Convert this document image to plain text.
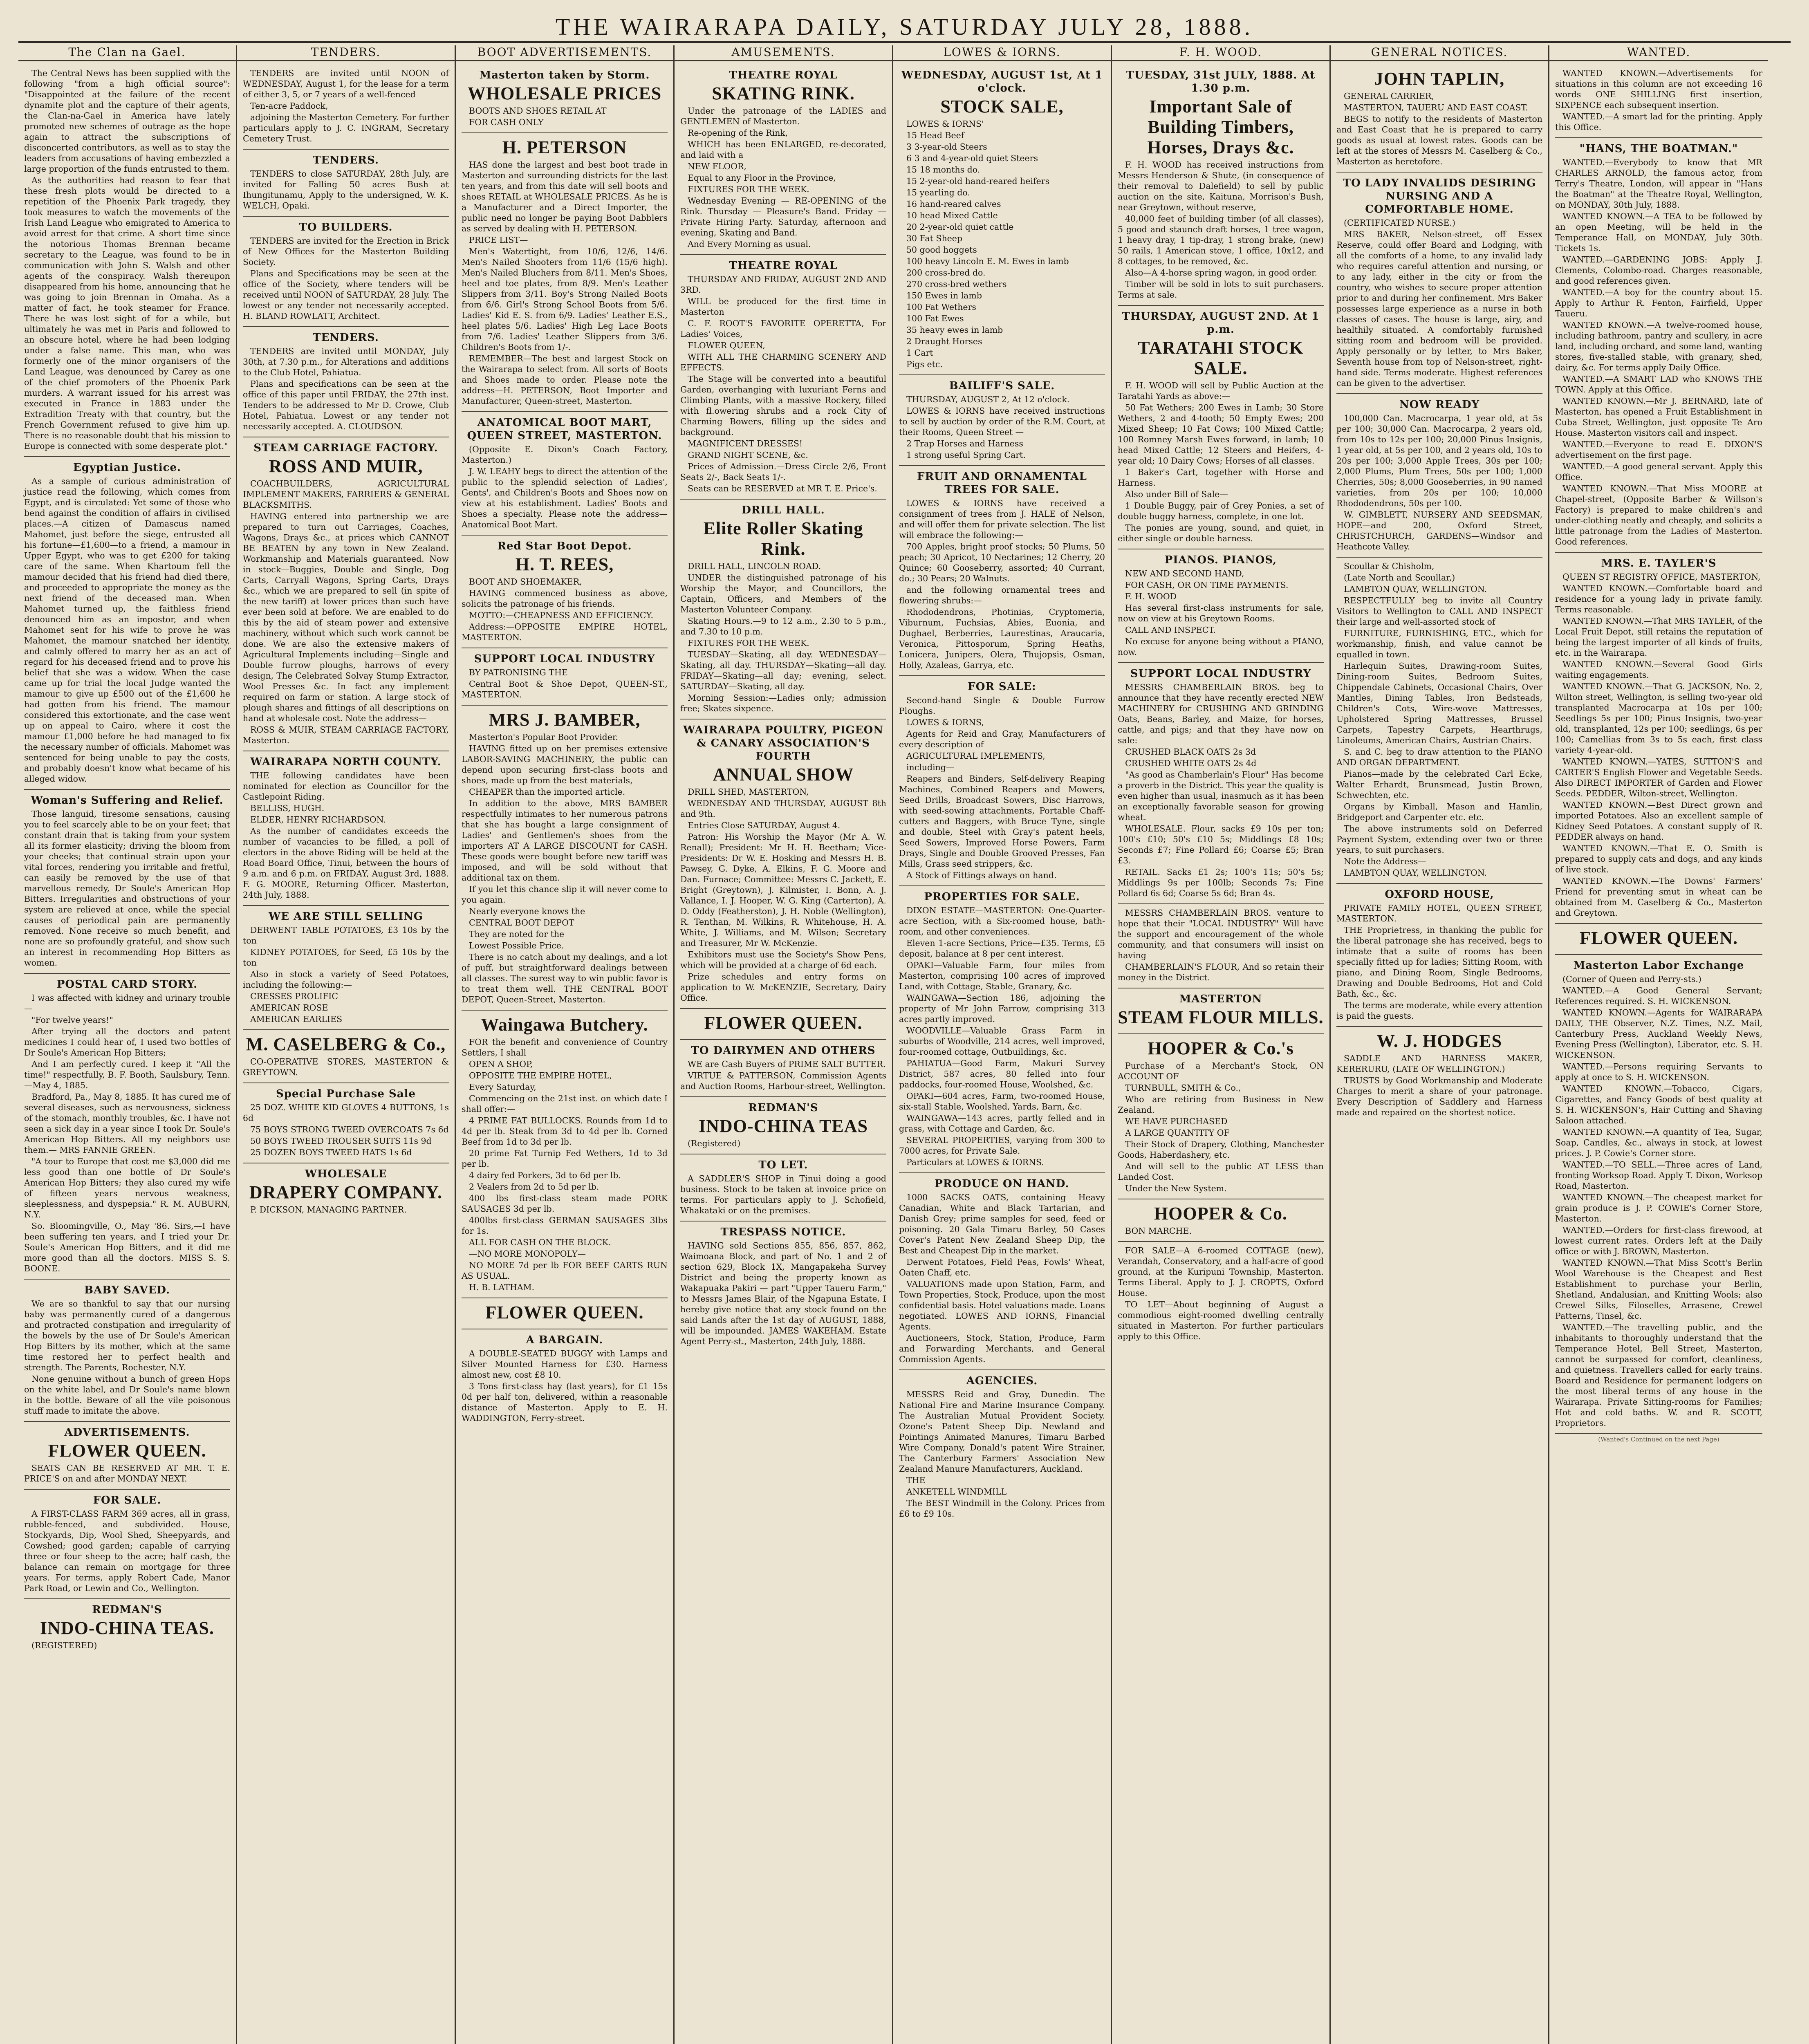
THE WAIRARAPA DAILY, SATURDAY JULY 28, 1888.
The Clan na Gael.

The Central News has been supplied with the following "from a high official source": "Disappointed at the failure of the recent dynamite plot and the capture of their agents, the Clan-na-Gael in America have lately promoted new schemes of outrage as the hope again to attract the subscriptions of disconcerted contributors, as well as to stay the leaders from accusations of having embezzled a large proportion of the funds entrusted to them.

As the authorities had reason to fear that these fresh plots would be directed to a repetition of the Phoenix Park tragedy, they took measures to watch the movements of the Irish Land League who emigrated to America to avoid arrest for that crime. A short time since the notorious Thomas Brennan became secretary to the League, was found to be in communication with John S. Walsh and other agents of the conspiracy. Walsh thereupon disappeared from his home, announcing that he was going to join Brennan in Omaha. As a matter of fact, he took steamer for France. There he was lost sight of for a while, but ultimately he was met in Paris and followed to an obscure hotel, where he had been lodging under a false name. This man, who was formerly one of the minor organisers of the Land League, was denounced by Carey as one of the chief promoters of the Phoenix Park murders. A warrant issued for his arrest was executed in France in 1883 under the Extradition Treaty with that country, but the French Government refused to give him up. There is no reasonable doubt that his mission to Europe is connected with some desperate plot."

Egyptian Justice.

As a sample of curious administration of justice read the following, which comes from Egypt, and is circulated: Yet some of those who bend against the condition of affairs in civilised places.—A citizen of Damascus named Mahomet, just before the siege, entrusted all his fortune—£1,600—to a friend, a mamour in Upper Egypt, who was to get £200 for taking care of the same. When Khartoum fell the mamour decided that his friend had died there, and proceeded to appropriate the money as the next friend of the deceased man. When Mahomet turned up, the faithless friend denounced him as an impostor, and when Mahomet sent for his wife to prove he was Mahomet, the mamour snatched her identity, and calmly offered to marry her as an act of regard for his deceased friend and to prove his belief that she was a widow. When the case came up for trial the local Judge wanted the mamour to give up £500 out of the £1,600 he had gotten from his friend. The mamour considered this extortionate, and the case went up on appeal to Cairo, where it cost the mamour £1,000 before he had managed to fix the necessary number of officials. Mahomet was sentenced for being unable to pay the costs, and probably doesn't know what became of his alleged widow.

Woman's Suffering and Relief.

Those languid, tiresome sensations, causing you to feel scarcely able to be on your feet; that constant drain that is taking from your system all its former elasticity; driving the bloom from your cheeks; that continual strain upon your vital forces, rendering you irritable and fretful, can easily be removed by the use of that marvellous remedy, Dr Soule's American Hop Bitters. Irregularities and obstructions of your system are relieved at once, while the special causes of periodical pain are permanently removed. None receive so much benefit, and none are so profoundly grateful, and show such an interest in recommending Hop Bitters as women.

POSTAL CARD STORY.

I was affected with kidney and urinary trouble—

"For twelve years!"

After trying all the doctors and patent medicines I could hear of, I used two bottles of Dr Soule's American Hop Bitters;

And I am perfectly cured. I keep it "All the time!" respectfully, B. F. Booth, Saulsbury, Tenn.—May 4, 1885.

Bradford, Pa., May 8, 1885. It has cured me of several diseases, such as nervousness, sickness of the stomach, monthly troubles, &c. I have not seen a sick day in a year since I took Dr. Soule's American Hop Bitters. All my neighbors use them.— MRS FANNIE GREEN.

"A tour to Europe that cost me $3,000 did me less good than one bottle of Dr Soule's American Hop Bitters; they also cured my wife of fifteen years nervous weakness, sleeplessness, and dyspepsia." R. M. AUBURN, N.Y.

So. Bloomingville, O., May '86. Sirs,—I have been suffering ten years, and I tried your Dr. Soule's American Hop Bitters, and it did me more good than all the doctors. MISS S. S. BOONE.

BABY SAVED.

We are so thankful to say that our nursing baby was permanently cured of a dangerous and protracted constipation and irregularity of the bowels by the use of Dr Soule's American Hop Bitters by its mother, which at the same time restored her to perfect health and strength. The Parents, Rochester, N.Y.

None genuine without a bunch of green Hops on the white label, and Dr Soule's name blown in the bottle. Beware of all the vile poisonous stuff made to imitate the above.

ADVERTISEMENTS.
FLOWER QUEEN.

SEATS CAN BE RESERVED AT MR. T. E. PRICE'S on and after MONDAY NEXT.

FOR SALE.

A FIRST-CLASS FARM 369 acres, all in grass, rubble-fenced, and subdivided. House, Stockyards, Dip, Wool Shed, Sheepyards, and Cowshed; good garden; capable of carrying three or four sheep to the acre; half cash, the balance can remain on mortgage for three years. For terms, apply Robert Cade, Manor Park Road, or Lewin and Co., Wellington.

REDMAN'S
INDO-CHINA TEAS.

(REGISTERED)

TENDERS.

TENDERS are invited until NOON of WEDNESDAY, August 1, for the lease for a term of either 3, 5, or 7 years of a well-fenced

Ten-acre Paddock,

adjoining the Masterton Cemetery. For further particulars apply to J. C. INGRAM, Secretary Cemetery Trust.

TENDERS.

TENDERS to close SATURDAY, 28th July, are invited for Falling 50 acres Bush at Ihungitunamu, Apply to the undersigned, W. K. WELCH, Opaki.

TO BUILDERS.

TENDERS are invited for the Erection in Brick of New Offices for the Masterton Building Society.

Plans and Specifications may be seen at the office of the Society, where tenders will be received until NOON of SATURDAY, 28 July. The lowest or any tender not necessarily accepted. H. BLAND ROWLATT, Architect.

TENDERS.

TENDERS are invited until MONDAY, July 30th, at 7.30 p.m., for Alterations and additions to the Club Hotel, Pahiatua.

Plans and specifications can be seen at the office of this paper until FRIDAY, the 27th inst. Tenders to be addressed to Mr D. Crowe, Club Hotel, Pahiatua. Lowest or any tender not necessarily accepted. A. CLOUDSON.

STEAM CARRIAGE FACTORY.
ROSS AND MUIR,

COACHBUILDERS, AGRICULTURAL IMPLEMENT MAKERS, FARRIERS & GENERAL BLACKSMITHS.

HAVING entered into partnership we are prepared to turn out Carriages, Coaches, Wagons, Drays &c., at prices which CANNOT BE BEATEN by any town in New Zealand. Workmanship and Materials guaranteed. Now in stock—Buggies, Double and Single, Dog Carts, Carryall Wagons, Spring Carts, Drays &c., which we are prepared to sell (in spite of the new tariff) at lower prices than such have ever been sold at before. We are enabled to do this by the aid of steam power and extensive machinery, without which such work cannot be done. We are also the extensive makers of Agricultural Implements including—Single and Double furrow ploughs, harrows of every design, The Celebrated Solvay Stump Extractor, Wool Presses &c. In fact any implement required on farm or station. A large stock of plough shares and fittings of all descriptions on hand at wholesale cost. Note the address—

ROSS & MUIR, STEAM CARRIAGE FACTORY, Masterton.

WAIRARAPA NORTH COUNTY.

THE following candidates have been nominated for election as Councillor for the Castlepoint Riding.

BELLISS, HUGH.

ELDER, HENRY RICHARDSON.

As the number of candidates exceeds the number of vacancies to be filled, a poll of electors in the above Riding will be held at the Road Board Office, Tinui, between the hours of 9 a.m. and 6 p.m. on FRIDAY, August 3rd, 1888. F. G. MOORE, Returning Officer. Masterton, 24th July, 1888.

WE ARE STILL SELLING

DERWENT TABLE POTATOES, £3 10s by the ton

KIDNEY POTATOES, for Seed, £5 10s by the ton

Also in stock a variety of Seed Potatoes, including the following:—

CRESSES PROLIFIC

AMERICAN ROSE

AMERICAN EARLIES

M. CASELBERG & Co.,

CO-OPERATIVE STORES, MASTERTON & GREYTOWN.

Special Purchase Sale

25 DOZ. WHITE KID GLOVES 4 BUTTONS, 1s 6d

75 BOYS STRONG TWEED OVERCOATS 7s 6d

50 BOYS TWEED TROUSER SUITS 11s 9d

25 DOZEN BOYS TWEED HATS 1s 6d

WHOLESALE
DRAPERY COMPANY.

P. DICKSON, MANAGING PARTNER.

BOOT ADVERTISEMENTS.
Masterton taken by Storm.
WHOLESALE PRICES

BOOTS AND SHOES RETAIL AT

FOR CASH ONLY

H. PETERSON

HAS done the largest and best boot trade in Masterton and surrounding districts for the last ten years, and from this date will sell boots and shoes RETAIL at WHOLESALE PRICES. As he is a Manufacturer and a Direct Importer, the public need no longer be paying Boot Dabblers as served by dealing with H. PETERSON.

PRICE LIST—

Men's Watertight, from 10/6, 12/6, 14/6. Men's Nailed Shooters from 11/6 (15/6 high). Men's Nailed Bluchers from 8/11. Men's Shoes, heel and toe plates, from 8/9. Men's Leather Slippers from 3/11. Boy's Strong Nailed Boots from 6/6. Girl's Strong School Boots from 5/6. Ladies' Kid E. S. from 6/9. Ladies' Leather E.S., heel plates 5/6. Ladies' High Leg Lace Boots from 7/6. Ladies' Leather Slippers from 3/6. Children's Boots from 1/-.

REMEMBER—The best and largest Stock on the Wairarapa to select from. All sorts of Boots and Shoes made to order. Please note the address—H. PETERSON, Boot Importer and Manufacturer, Queen-street, Masterton.

ANATOMICAL BOOT MART, QUEEN STREET, MASTERTON.

(Opposite E. Dixon's Coach Factory, Masterton.)

J. W. LEAHY begs to direct the attention of the public to the splendid selection of Ladies', Gents', and Children's Boots and Shoes now on view at his establishment. Ladies' Boots and Shoes a specialty. Please note the address—Anatomical Boot Mart.

Red Star Boot Depot.
H. T. REES,

BOOT AND SHOEMAKER,

HAVING commenced business as above, solicits the patronage of his friends.

MOTTO:—CHEAPNESS AND EFFICIENCY.

Address:—OPPOSITE EMPIRE HOTEL, MASTERTON.

SUPPORT LOCAL INDUSTRY

BY PATRONISING THE

Central Boot & Shoe Depot, QUEEN-ST., MASTERTON.

MRS J. BAMBER,

Masterton's Popular Boot Provider.

HAVING fitted up on her premises extensive LABOR-SAVING MACHINERY, the public can depend upon securing first-class boots and shoes, made up from the best materials,

CHEAPER than the imported article.

In addition to the above, MRS BAMBER respectfully intimates to her numerous patrons that she has bought a large consignment of Ladies' and Gentlemen's shoes from the importers AT A LARGE DISCOUNT for CASH. These goods were bought before new tariff was imposed, and will be sold without that additional tax on them.

If you let this chance slip it will never come to you again.

Nearly everyone knows the

CENTRAL BOOT DEPOT

They are noted for the

Lowest Possible Price.

There is no catch about my dealings, and a lot of puff, but straightforward dealings between all classes. The surest way to win public favor is to treat them well. THE CENTRAL BOOT DEPOT, Queen-Street, Masterton.

Waingawa Butchery.

FOR the benefit and convenience of Country Settlers, I shall

OPEN A SHOP,

OPPOSITE THE EMPIRE HOTEL,

Every Saturday,

Commencing on the 21st inst. on which date I shall offer:—

4 PRIME FAT BULLOCKS. Rounds from 1d to 4d per lb. Steak from 3d to 4d per lb. Corned Beef from 1d to 3d per lb.

20 prime Fat Turnip Fed Wethers, 1d to 3d per lb.

4 dairy fed Porkers, 3d to 6d per lb.

2 Vealers from 2d to 5d per lb.

400 lbs first-class steam made PORK SAUSAGES 3d per lb.

400lbs first-class GERMAN SAUSAGES 3lbs for 1s.

ALL FOR CASH ON THE BLOCK.

—NO MORE MONOPOLY—

NO MORE 7d per lb FOR BEEF CARTS RUN AS USUAL.

H. B. LATHAM.

FLOWER QUEEN.
A BARGAIN.

A DOUBLE-SEATED BUGGY with Lamps and Silver Mounted Harness for £30. Harness almost new, cost £8 10.

3 Tons first-class hay (last years), for £1 15s 0d per half ton, delivered, within a reasonable distance of Masterton. Apply to E. H. WADDINGTON, Ferry-street.

AMUSEMENTS.
THEATRE ROYAL
SKATING RINK.

Under the patronage of the LADIES and GENTLEMEN of Masterton.

Re-opening of the Rink,

WHICH has been ENLARGED, re-decorated, and laid with a

NEW FLOOR,

Equal to any Floor in the Province,

FIXTURES FOR THE WEEK.

Wednesday Evening — RE-OPENING of the Rink. Thursday — Pleasure's Band. Friday — Private Hiring Party. Saturday, afternoon and evening, Skating and Band.

And Every Morning as usual.

THEATRE ROYAL

THURSDAY AND FRIDAY, AUGUST 2ND AND 3RD.

WILL be produced for the first time in Masterton

C. F. ROOT'S FAVORITE OPERETTA, For Ladies' Voices,

FLOWER QUEEN,

WITH ALL THE CHARMING SCENERY AND EFFECTS.

The Stage will be converted into a beautiful Garden, overhanging with luxuriant Ferns and Climbing Plants, with a massive Rockery, filled with fl.owering shrubs and a rock City of Charming Bowers, filling up the sides and background.

MAGNIFICENT DRESSES!

GRAND NIGHT SCENE, &c.

Prices of Admission.—Dress Circle 2/6, Front Seats 2/-, Back Seats 1/-.

Seats can be RESERVED at MR T. E. Price's.

DRILL HALL.
Elite Roller Skating Rink.

DRILL HALL, LINCOLN ROAD.

UNDER the distinguished patronage of his Worship the Mayor, and Councillors, the Captain, Officers, and Members of the Masterton Volunteer Company.

Skating Hours.—9 to 12 a.m., 2.30 to 5 p.m., and 7.30 to 10 p.m.

FIXTURES FOR THE WEEK.

TUESDAY—Skating, all day. WEDNESDAY—Skating, all day. THURSDAY—Skating—all day. FRIDAY—Skating—all day; evening, select. SATURDAY—Skating, all day.

Morning Session:—Ladies only; admission free; Skates sixpence.

WAIRARAPA POULTRY, PIGEON & CANARY ASSOCIATION'S FOURTH
ANNUAL SHOW

DRILL SHED, MASTERTON,

WEDNESDAY AND THURSDAY, AUGUST 8th and 9th.

Entries Close SATURDAY, August 4.

Patron: His Worship the Mayor (Mr A. W. Renall); President: Mr H. H. Beetham; Vice-Presidents: Dr W. E. Hosking and Messrs H. B. Pawsey, G. Dyke, A. Elkins, F. G. Moore and Dan. Furnace; Committee: Messrs C. Jackett, E. Bright (Greytown), J. Kilmister, I. Bonn, A. J. Vallance, I. J. Hooper, W. G. King (Carterton), A. D. Oddy (Featherston), J. H. Noble (Wellington), R. Tenthan, M. Wilkins, R. Whitehouse, H. A. White, J. Williams, and M. Wilson; Secretary and Treasurer, Mr W. McKenzie.

Exhibitors must use the Society's Show Pens, which will be provided at a charge of 6d each.

Prize schedules and entry forms on application to W. McKENZIE, Secretary, Dairy Office.

FLOWER QUEEN.
TO DAIRYMEN AND OTHERS

WE are Cash Buyers of PRIME SALT BUTTER.

VIRTUE & PATTERSON, Commission Agents and Auction Rooms, Harbour-street, Wellington.

REDMAN'S
INDO-CHINA TEAS

(Registered)

TO LET.

A SADDLER'S SHOP in Tinui doing a good business. Stock to be taken at invoice price on terms. For particulars apply to J. Schofield, Whakataki or on the premises.

TRESPASS NOTICE.

HAVING sold Sections 855, 856, 857, 862, Waimoana Block, and part of No. 1 and 2 of section 629, Block 1X, Mangapakeha Survey District and being the property known as Wakapuaka Pakiri — part "Upper Taueru Farm," to Messrs James Blair, of the Ngapuna Estate, I hereby give notice that any stock found on the said Lands after the 1st day of AUGUST, 1888, will be impounded. JAMES WAKEHAM. Estate Agent Perry-st., Masterton, 24th July, 1888.

LOWES & IORNS.
WEDNESDAY, AUGUST 1st, At 1 o'clock.
STOCK SALE,

LOWES & IORNS'

15 Head Beef

3 3-year-old Steers

6 3 and 4-year-old quiet Steers

15 18 months do.

15 2-year-old hand-reared heifers

15 yearling do.

16 hand-reared calves

10 head Mixed Cattle

20 2-year-old quiet cattle

30 Fat Sheep

50 good hoggets

100 heavy Lincoln E. M. Ewes in lamb

200 cross-bred do.

270 cross-bred wethers

150 Ewes in lamb

100 Fat Wethers

100 Fat Ewes

35 heavy ewes in lamb

2 Draught Horses

1 Cart

Pigs etc.

BAILIFF'S SALE.

THURSDAY, AUGUST 2, At 12 o'clock.

LOWES & IORNS have received instructions to sell by auction by order of the R.M. Court, at their Rooms, Queen Street —

2 Trap Horses and Harness

1 strong useful Spring Cart.

FRUIT AND ORNAMENTAL TREES FOR SALE.

LOWES & IORNS have received a consignment of trees from J. HALE of Nelson, and will offer them for private selection. The list will embrace the following:—

700 Apples, bright proof stocks; 50 Plums, 50 peach; 30 Apricot, 10 Nectarines; 12 Cherry, 20 Quince; 60 Gooseberry, assorted; 40 Currant, do.; 30 Pears; 20 Walnuts.

and the following ornamental trees and flowering shrubs:—

Rhododendrons, Photinias, Cryptomeria, Viburnum, Fuchsias, Abies, Euonia, and Dughael, Berberries, Laurestinas, Araucaria, Veronica, Pittosporum, Spring Heaths, Lonicera, Junipers, Olera, Thujopsis, Osman, Holly, Azaleas, Garrya, etc.

FOR SALE:

Second-hand Single & Double Furrow Ploughs.

LOWES & IORNS,

Agents for Reid and Gray, Manufacturers of every description of

AGRICULTURAL IMPLEMENTS,

including—

Reapers and Binders, Self-delivery Reaping Machines, Combined Reapers and Mowers, Seed Drills, Broadcast Sowers, Disc Harrows, with seed-sowing attachments, Portable Chaff-cutters and Baggers, with Bruce Tyne, single and double, Steel with Gray's patent heels, Seed Sowers, Improved Horse Powers, Farm Drays, Single and Double Grooved Presses, Fan Mills, Grass seed strippers, &c.

A Stock of Fittings always on hand.

PROPERTIES FOR SALE.

DIXON ESTATE—MASTERTON: One-Quarter-acre Section, with a Six-roomed house, bath-room, and other conveniences.

Eleven 1-acre Sections, Price—£35. Terms, £5 deposit, balance at 8 per cent interest.

OPAKI—Valuable Farm, four miles from Masterton, comprising 100 acres of improved Land, with Cottage, Stable, Granary, &c.

WAINGAWA—Section 186, adjoining the property of Mr John Farrow, comprising 313 acres partly improved.

WOODVILLE—Valuable Grass Farm in suburbs of Woodville, 214 acres, well improved, four-roomed cottage, Outbuildings, &c.

PAHIATUA—Good Farm, Makuri Survey District, 587 acres, 80 felled into four paddocks, four-roomed House, Woolshed, &c.

OPAKI—604 acres, Farm, two-roomed House, six-stall Stable, Woolshed, Yards, Barn, &c.

WAINGAWA—143 acres, partly felled and in grass, with Cottage and Garden, &c.

SEVERAL PROPERTIES, varying from 300 to 7000 acres, for Private Sale.

Particulars at LOWES & IORNS.

PRODUCE ON HAND.

1000 SACKS OATS, containing Heavy Canadian, White and Black Tartarian, and Danish Grey; prime samples for seed, feed or poisoning. 20 Gala Timaru Barley, 50 Cases Cover's Patent New Zealand Sheep Dip, the Best and Cheapest Dip in the market.

Derwent Potatoes, Field Peas, Fowls' Wheat, Oaten Chaff, etc.

VALUATIONS made upon Station, Farm, and Town Properties, Stock, Produce, upon the most confidential basis. Hotel valuations made. Loans negotiated. LOWES AND IORNS, Financial Agents.

Auctioneers, Stock, Station, Produce, Farm and Forwarding Merchants, and General Commission Agents.

AGENCIES.

MESSRS Reid and Gray, Dunedin. The National Fire and Marine Insurance Company. The Australian Mutual Provident Society. Ozone's Patent Sheep Dip. Newland and Pointings Animated Manures, Timaru Barbed Wire Company, Donald's patent Wire Strainer, The Canterbury Farmers' Association New Zealand Manure Manufacturers, Auckland.

THE

ANKETELL WINDMILL

The BEST Windmill in the Colony. Prices from £6 to £9 10s.

F. H. WOOD.
TUESDAY, 31st JULY, 1888. At 1.30 p.m.
Important Sale of Building Timbers, Horses, Drays &c.

F. H. WOOD has received instructions from Messrs Henderson & Shute, (in consequence of their removal to Dalefield) to sell by public auction on the site, Kaituna, Morrison's Bush, near Greytown, without reserve,

40,000 feet of building timber (of all classes), 5 good and staunch draft horses, 1 tree wagon, 1 heavy dray, 1 tip-dray, 1 strong brake, (new) 50 rails, 1 American stove, 1 office, 10x12, and 8 cottages, to be removed, &c.

Also—A 4-horse spring wagon, in good order.

Timber will be sold in lots to suit purchasers. Terms at sale.

THURSDAY, AUGUST 2ND. At 1 p.m.
TARATAHI STOCK SALE.

F. H. WOOD will sell by Public Auction at the Taratahi Yards as above:—

50 Fat Wethers; 200 Ewes in Lamb; 30 Store Wethers, 2 and 4-tooth; 50 Empty Ewes; 200 Mixed Sheep; 10 Fat Cows; 100 Mixed Cattle; 100 Romney Marsh Ewes forward, in lamb; 10 head Mixed Cattle; 12 Steers and Heifers, 4-year old; 10 Dairy Cows; Horses of all classes.

1 Baker's Cart, together with Horse and Harness.

Also under Bill of Sale—

1 Double Buggy, pair of Grey Ponies, a set of double buggy harness, complete, in one lot.

The ponies are young, sound, and quiet, in either single or double harness.

PIANOS. PIANOS,

NEW AND SECOND HAND,

FOR CASH, OR ON TIME PAYMENTS.

F. H. WOOD

Has several first-class instruments for sale, now on view at his Greytown Rooms.

CALL AND INSPECT.

No excuse for anyone being without a PIANO, now.

SUPPORT LOCAL INDUSTRY

MESSRS CHAMBERLAIN BROS. beg to announce that they have recently erected NEW MACHINERY for CRUSHING AND GRINDING Oats, Beans, Barley, and Maize, for horses, cattle, and pigs; and that they have now on sale:

CRUSHED BLACK OATS 2s 3d

CRUSHED WHITE OATS 2s 4d

"As good as Chamberlain's Flour" Has become a proverb in the District. This year the quality is even higher than usual, inasmuch as it has been an exceptionally favorable season for growing wheat.

WHOLESALE. Flour, sacks £9 10s per ton; 100's £10; 50's £10 5s; Middlings £8 10s; Seconds £7; Fine Pollard £6; Coarse £5; Bran £3.

RETAIL. Sacks £1 2s; 100's 11s; 50's 5s; Middlings 9s per 100lb; Seconds 7s; Fine Pollard 6s 6d; Coarse 5s 6d; Bran 4s.

MESSRS CHAMBERLAIN BROS. venture to hope that their "LOCAL INDUSTRY" Will have the support and encouragement of the whole community, and that consumers will insist on having

CHAMBERLAIN'S FLOUR, And so retain their money in the District.

MASTERTON
STEAM FLOUR MILLS.
HOOPER & Co.'s

Purchase of a Merchant's Stock, ON ACCOUNT OF

TURNBULL, SMITH & Co.,

Who are retiring from Business in New Zealand.

WE HAVE PURCHASED

A LARGE QUANTITY OF

Their Stock of Drapery, Clothing, Manchester Goods, Haberdashery, etc.

And will sell to the public AT LESS than Landed Cost.

Under the New System.

HOOPER & Co.

BON MARCHE.

FOR SALE—A 6-roomed COTTAGE (new), Verandah, Conservatory, and a half-acre of good ground, at the Kuripuni Township, Masterton. Terms Liberal. Apply to J. J. CROPTS, Oxford House.

TO LET—About beginning of August a commodious eight-roomed dwelling centrally situated in Masterton. For further particulars apply to this Office.

GENERAL NOTICES.
JOHN TAPLIN,

GENERAL CARRIER,

MASTERTON, TAUERU AND EAST COAST.

BEGS to notify to the residents of Masterton and East Coast that he is prepared to carry goods as usual at lowest rates. Goods can be left at the stores of Messrs M. Caselberg & Co., Masterton as heretofore.

TO LADY INVALIDS DESIRING NURSING AND A COMFORTABLE HOME.

(CERTIFICATED NURSE.)

MRS BAKER, Nelson-street, off Essex Reserve, could offer Board and Lodging, with all the comforts of a home, to any invalid lady who requires careful attention and nursing, or to any lady, either in the city or from the country, who wishes to secure proper attention prior to and during her confinement. Mrs Baker possesses large experience as a nurse in both classes of cases. The house is large, airy, and healthily situated. A comfortably furnished sitting room and bedroom will be provided. Apply personally or by letter, to Mrs Baker, Seventh house from top of Nelson-street, right-hand side. Terms moderate. Highest references can be given to the advertiser.

NOW READY

100,000 Can. Macrocarpa, 1 year old, at 5s per 100; 30,000 Can. Macrocarpa, 2 years old, from 10s to 12s per 100; 20,000 Pinus Insignis, 1 year old, at 5s per 100, and 2 years old, 10s to 20s per 100; 3,000 Apple Trees, 30s per 100; 2,000 Plums, Plum Trees, 50s per 100; 1,000 Cherries, 50s; 8,000 Gooseberries, in 90 named varieties, from 20s per 100; 10,000 Rhododendrons, 50s per 100.

W. GIMBLETT, NURSERY AND SEEDSMAN, HOPE—and 200, Oxford Street, CHRISTCHURCH, GARDENS—Windsor and Heathcote Valley.

Scoullar & Chisholm,

(Late North and Scoullar,)

LAMBTON QUAY, WELLINGTON.

RESPECTFULLY beg to invite all Country Visitors to Wellington to CALL AND INSPECT their large and well-assorted stock of

FURNITURE, FURNISHING, ETC., which for workmanship, finish, and value cannot be equalled in town.

Harlequin Suites, Drawing-room Suites, Dining-room Suites, Bedroom Suites, Chippendale Cabinets, Occasional Chairs, Over Mantles, Dining Tables, Iron Bedsteads, Children's Cots, Wire-wove Mattresses, Upholstered Spring Mattresses, Brussel Carpets, Tapestry Carpets, Hearthrugs, Linoleums, American Chairs, Austrian Chairs.

S. and C. beg to draw attention to the PIANO AND ORGAN DEPARTMENT.

Pianos—made by the celebrated Carl Ecke, Walter Erhardt, Brunsmead, Justin Brown, Schwechten, etc.

Organs by Kimball, Mason and Hamlin, Bridgeport and Carpenter etc. etc.

The above instruments sold on Deferred Payment System, extending over two or three years, to suit purchasers.

Note the Address—

LAMBTON QUAY, WELLINGTON.

OXFORD HOUSE,

PRIVATE FAMILY HOTEL, QUEEN STREET, MASTERTON.

THE Proprietress, in thanking the public for the liberal patronage she has received, begs to intimate that a suite of rooms has been specially fitted up for ladies; Sitting Room, with piano, and Dining Room, Single Bedrooms, Drawing and Double Bedrooms, Hot and Cold Bath, &c., &c.

The terms are moderate, while every attention is paid the guests.

W. J. HODGES

SADDLE AND HARNESS MAKER, KERERURU, (LATE OF WELLINGTON.)

TRUSTS by Good Workmanship and Moderate Charges to merit a share of your patronage. Every Description of Saddlery and Harness made and repaired on the shortest notice.

WANTED.

WANTED KNOWN.—Advertisements for situations in this column are not exceeding 16 words ONE SHILLING first insertion, SIXPENCE each subsequent insertion.

WANTED.—A smart lad for the printing. Apply this Office.

"HANS, THE BOATMAN."

WANTED.—Everybody to know that MR CHARLES ARNOLD, the famous actor, from Terry's Theatre, London, will appear in "Hans the Boatman" at the Theatre Royal, Wellington, on MONDAY, 30th July, 1888.

WANTED KNOWN.—A TEA to be followed by an open Meeting, will be held in the Temperance Hall, on MONDAY, July 30th. Tickets 1s.

WANTED.—GARDENING JOBS: Apply J. Clements, Colombo-road. Charges reasonable, and good references given.

WANTED.—A boy for the country about 15. Apply to Arthur R. Fenton, Fairfield, Upper Taueru.

WANTED KNOWN.—A twelve-roomed house, including bathroom, pantry and scullery, in acre land, including orchard, and some land, wanting stores, five-stalled stable, with granary, shed, dairy, &c. For terms apply Daily Office.

WANTED.—A SMART LAD who KNOWS THE TOWN. Apply at this Office.

WANTED KNOWN.—Mr J. BERNARD, late of Masterton, has opened a Fruit Establishment in Cuba Street, Wellington, just opposite Te Aro House. Masterton visitors call and inspect.

WANTED.—Everyone to read E. DIXON'S advertisement on the first page.

WANTED.—A good general servant. Apply this Office.

WANTED KNOWN.—That Miss MOORE at Chapel-street, (Opposite Barber & Willson's Factory) is prepared to make children's and under-clothing neatly and cheaply, and solicits a little patronage from the Ladies of Masterton. Good references.

MRS. E. TAYLER'S

QUEEN ST REGISTRY OFFICE, MASTERTON,

WANTED KNOWN.—Comfortable board and residence for a young lady in private family. Terms reasonable.

WANTED KNOWN.—That MRS TAYLER, of the Local Fruit Depot, still retains the reputation of being the largest importer of all kinds of fruits, etc. in the Wairarapa.

WANTED KNOWN.—Several Good Girls waiting engagements.

WANTED KNOWN.—That G. JACKSON, No. 2, Wilton street, Wellington, is selling two-year old transplanted Macrocarpa at 10s per 100; Seedlings 5s per 100; Pinus Insignis, two-year old, transplanted, 12s per 100; seedlings, 6s per 100; Camellias from 3s to 5s each, first class variety 4-year-old.

WANTED KNOWN.—YATES, SUTTON'S and CARTER'S English Flower and Vegetable Seeds. Also DIRECT IMPORTER of Garden and Flower Seeds. PEDDER, Wilton-street, Wellington.

WANTED KNOWN.—Best Direct grown and imported Potatoes. Also an excellent sample of Kidney Seed Potatoes. A constant supply of R. PEDDER always on hand.

WANTED KNOWN.—That E. O. Smith is prepared to supply cats and dogs, and any kinds of live stock.

WANTED KNOWN.—The Downs' Farmers' Friend for preventing smut in wheat can be obtained from M. Caselberg & Co., Masterton and Greytown.

FLOWER QUEEN.
Masterton Labor Exchange

(Corner of Queen and Perry-sts.)

WANTED.—A Good General Servant; References required. S. H. WICKENSON.

WANTED KNOWN.—Agents for WAIRARAPA DAILY, THE Observer, N.Z. Times, N.Z. Mail, Canterbury Press, Auckland Weekly News, Evening Press (Wellington), Liberator, etc. S. H. WICKENSON.

WANTED.—Persons requiring Servants to apply at once to S. H. WICKENSON.

WANTED KNOWN.—Tobacco, Cigars, Cigarettes, and Fancy Goods of best quality at S. H. WICKENSON's, Hair Cutting and Shaving Saloon attached.

WANTED KNOWN.—A quantity of Tea, Sugar, Soap, Candles, &c., always in stock, at lowest prices. J. P. Cowie's Corner store.

WANTED.—TO SELL.—Three acres of Land, fronting Worksop Road. Apply T. Dixon, Worksop Road, Masterton.

WANTED KNOWN.—The cheapest market for grain produce is J. P. COWIE's Corner Store, Masterton.

WANTED.—Orders for first-class firewood, at lowest current rates. Orders left at the Daily office or with J. BROWN, Masterton.

WANTED KNOWN.—That Miss Scott's Berlin Wool Warehouse is the Cheapest and Best Establishment to purchase your Berlin, Shetland, Andalusian, and Knitting Wools; also Crewel Silks, Filoselles, Arrasene, Crewel Patterns, Tinsel, &c.

WANTED.—The travelling public, and the inhabitants to thoroughly understand that the Temperance Hotel, Bell Street, Masterton, cannot be surpassed for comfort, cleanliness, and quietness. Travellers called for early trains. Board and Residence for permanent lodgers on the most liberal terms of any house in the Wairarapa. Private Sitting-rooms for Families; Hot and cold baths. W. and R. SCOTT, Proprietors.

(Wanted's Continued on the next Page)
